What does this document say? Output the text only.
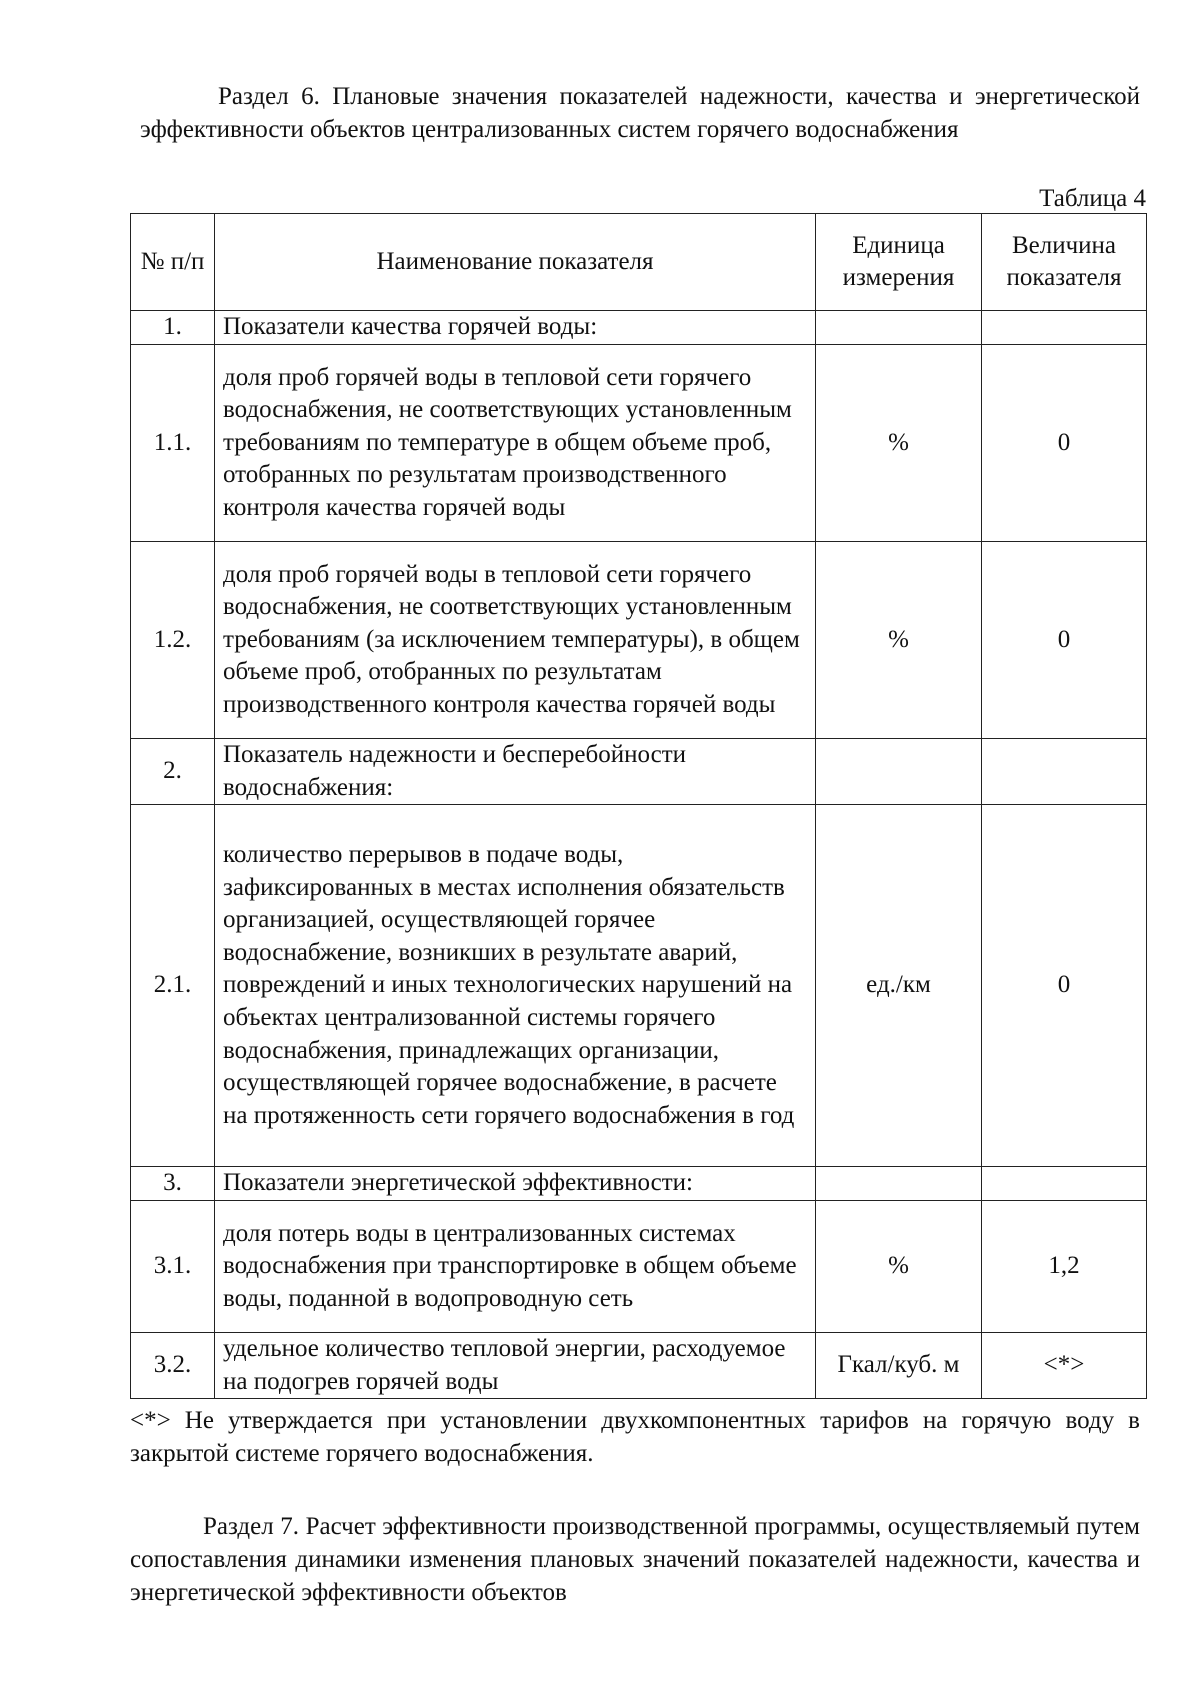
Раздел 6. Плановые значения показателей надежности, качества и энергетической эффективности объектов централизованных систем горячего водоснабжения

Таблица 4
№ п/п	Наименование показателя	Единица измерения	Величина показателя
1.	Показатели качества горячей воды:		
1.1.	доля проб горячей воды в тепловой сети горячего водоснабжения, не соответствующих установленным требованиям по температуре в общем объеме проб, отобранных по результатам производственного контроля качества горячей воды	%	0
1.2.	доля проб горячей воды в тепловой сети горячего водоснабжения, не соответствующих установленным требованиям (за исключением температуры), в общем объеме проб, отобранных по результатам производственного контроля качества горячей воды	%	0
2.	Показатель надежности и бесперебойности водоснабжения:		
2.1.	количество перерывов в подаче воды, зафиксированных в местах исполнения обязательств организацией, осуществляющей горячее водоснабжение, возникших в результате аварий, повреждений и иных технологических нарушений на объектах централизованной системы горячего водоснабжения, принадлежащих организации, осуществляющей горячее водоснабжение, в расчете на протяженность сети горячего водоснабжения в год	ед./км	0
3.	Показатели энергетической эффективности:		
3.1.	доля потерь воды в централизованных системах водоснабжения при транспортировке в общем объеме воды, поданной в водопроводную сеть	%	1,2
3.2.	удельное количество тепловой энергии, расходуемое на подогрев горячей воды	Гкал/куб. м	<*>

<*> Не утверждается при установлении двухкомпонентных тарифов на горячую воду в закрытой системе горячего водоснабжения.

Раздел 7. Расчет эффективности производственной программы, осуществляемый путем сопоставления динамики изменения плановых значений показателей надежности, качества и энергетической эффективности объектов
